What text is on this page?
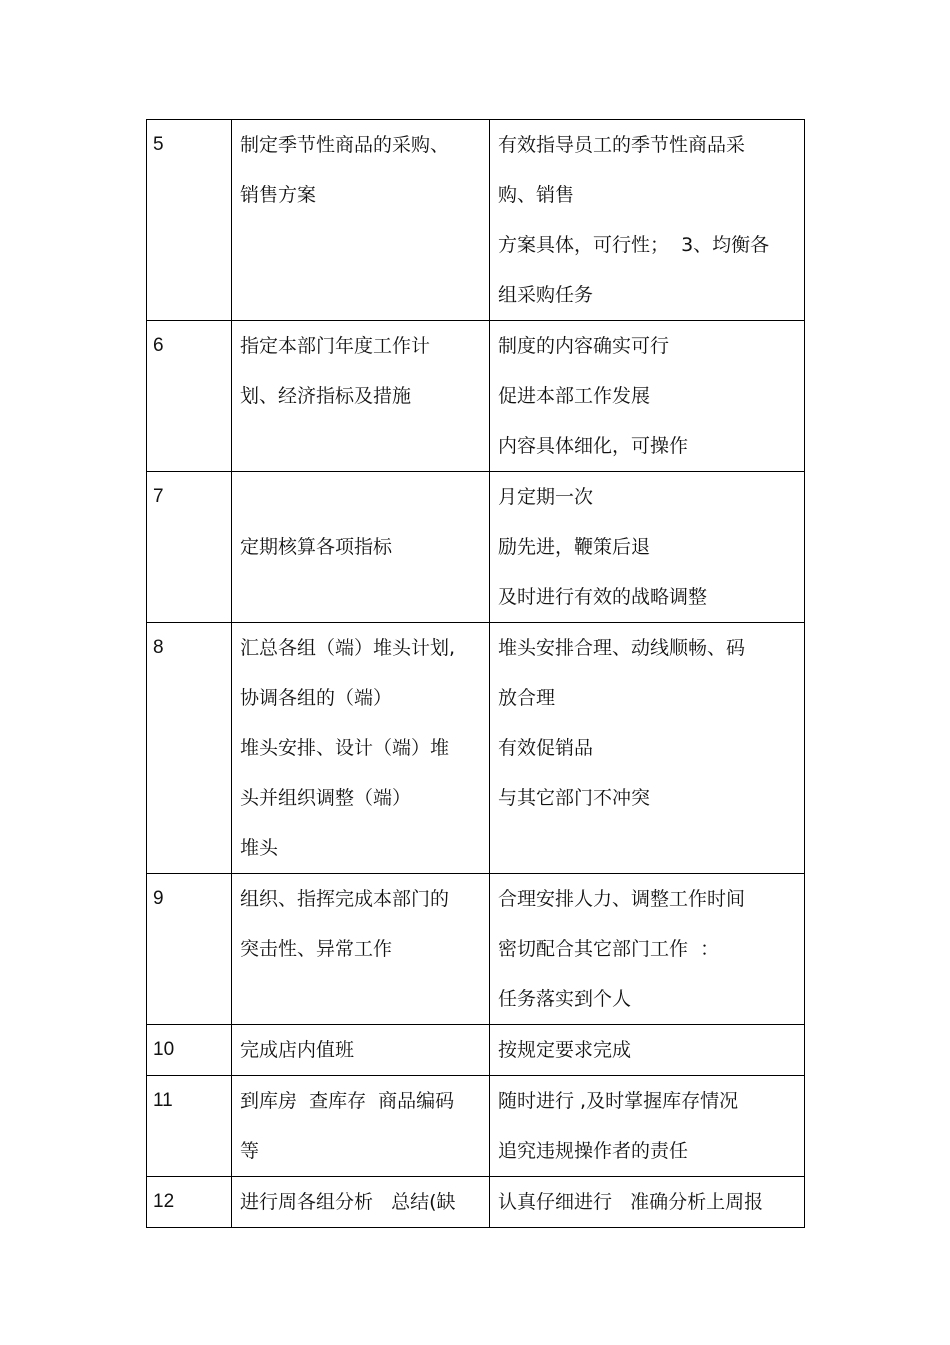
5	制定季节性商品的采购、
销售方案	有效指导员工的季节性商品采
购、销售
方案具体，可行性；  3、均衡各
组采购任务

6	指定本部门年度工作计
划、经济指标及措施	制度的内容确实可行
促进本部工作发展
内容具体细化，可操作

7	定期核算各项指标	月定期一次
励先进，鞭策后退
及时进行有效的战略调整

8	汇总各组（端）堆头计划,
协调各组的（端）
堆头安排、设计（端）堆
头并组织调整（端）
堆头	堆头安排合理、动线顺畅、码
放合理
有效促销品
与其它部门不冲突

9	组织、指挥完成本部门的
突击性、异常工作	合理安排人力、调整工作时间
密切配合其它部门工作  ：
任务落实到个人

10	完成店内值班	按规定要求完成

11	到库房  查库存  商品编码
等	随时进行 ,及时掌握库存情况
追究违规操作者的责任

12	进行周各组分析   总结(缺	认真仔细进行   准确分析上周报
